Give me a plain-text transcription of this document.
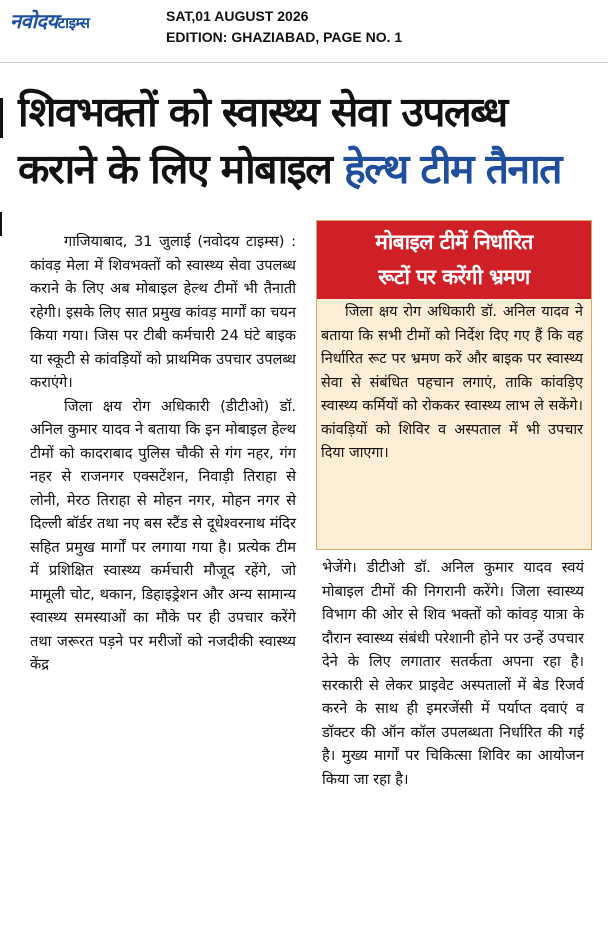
नवोदयटाइम्स	SAT,01 AUGUST 2026
EDITION: GHAZIABAD, PAGE NO. 1
शिवभक्तों को स्वास्थ्य सेवा उपलब्ध
कराने के लिए मोबाइल हेल्थ टीम तैनात

गाजियाबाद, 31 जुलाई (नवोदय टाइम्स) : कांवड़ मेला में शिवभक्तों को स्वास्थ्य सेवा उपलब्ध कराने के लिए अब मोबाइल हेल्थ टीमों भी तैनाती रहेगी। इसके लिए सात प्रमुख कांवड़ मार्गों का चयन किया गया। जिस पर टीबी कर्मचारी 24 घंटे बाइक या स्कूटी से कांवड़ियों को प्राथमिक उपचार उपलब्ध कराएंगे।

जिला क्षय रोग अधिकारी (डीटीओ) डॉ. अनिल कुमार यादव ने बताया कि इन मोबाइल हेल्थ टीमों को कादराबाद पुलिस चौकी से गंग नहर, गंग नहर से राजनगर एक्सटेंशन, निवाड़ी तिराहा से लोनी, मेरठ तिराहा से मोहन नगर, मोहन नगर से दिल्ली बॉर्डर तथा नए बस स्टैंड से दूधेश्वरनाथ मंदिर सहित प्रमुख मार्गों पर लगाया गया है। प्रत्येक टीम में प्रशिक्षित स्वास्थ्य कर्मचारी मौजूद रहेंगे, जो मामूली चोट, थकान, डिहाइड्रेशन और अन्य सामान्य स्वास्थ्य समस्याओं का मौके पर ही उपचार करेंगे तथा जरूरत पड़ने पर मरीजों को नजदीकी स्वास्थ्य केंद्र

मोबाइल टीमें निर्धारित
रूटों पर करेंगी भ्रमण
जिला क्षय रोग अधिकारी डॉ. अनिल यादव ने बताया कि सभी टीमों को निर्देश दिए गए हैं कि वह निर्धारित रूट पर भ्रमण करें और बाइक पर स्वास्थ्य सेवा से संबंधित पहचान लगाएं, ताकि कांवड़िए स्वास्थ्य कर्मियों को रोककर स्वास्थ्य लाभ ले सकेंगे। कांवड़ियों को शिविर व अस्पताल में भी उपचार दिया जाएगा।
भेजेंगे। डीटीओ डॉ. अनिल कुमार यादव स्वयं मोबाइल टीमों की निगरानी करेंगे। जिला स्वास्थ्य विभाग की ओर से शिव भक्तों को कांवड़ यात्रा के दौरान स्वास्थ्य संबंधी परेशानी होने पर उन्हें उपचार देने के लिए लगातार सतर्कता अपना रहा है। सरकारी से लेकर प्राइवेट अस्पतालों में बेड रिजर्व करने के साथ ही इमरजेंसी में पर्याप्त दवाएं व डॉक्टर की ऑन कॉल उपलब्धता निर्धारित की गई है। मुख्य मार्गों पर चिकित्सा शिविर का आयोजन किया जा रहा है।
